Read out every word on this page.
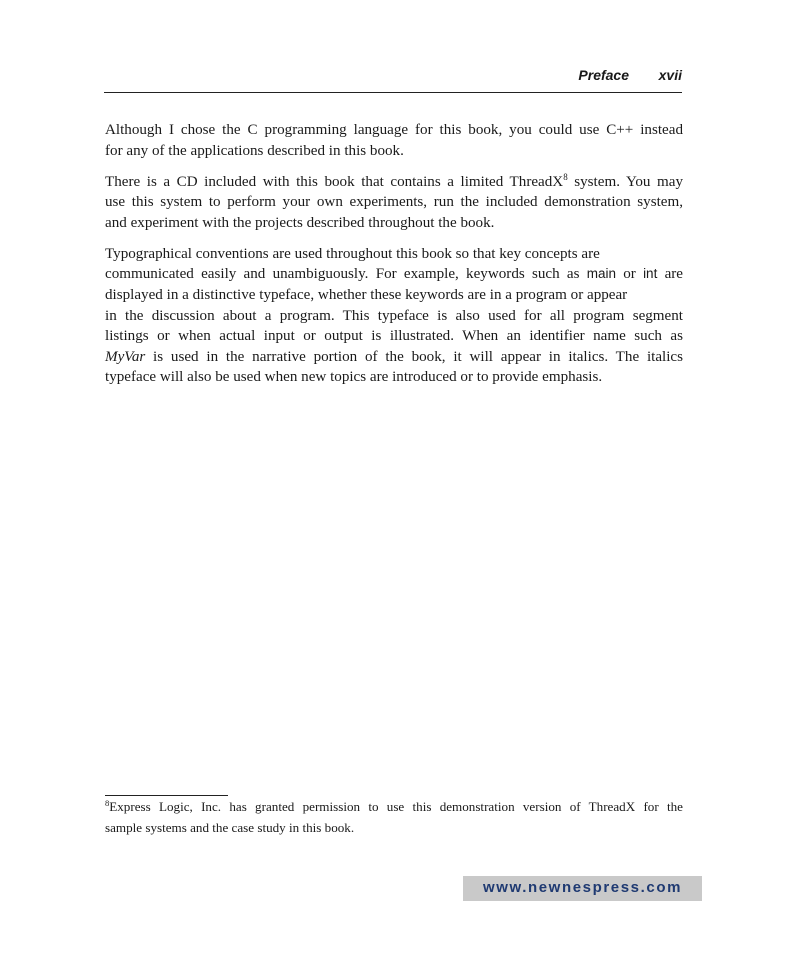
Preface xvii

Although I chose the C programming language for this book, you could use C++ instead
for any of the applications described in this book.

There is a CD included with this book that contains a limited ThreadX$^8$ system. You may
use this system to perform your own experiments, run the included demonstration system,
and experiment with the projects described throughout the book.

Typographical conventions are used throughout this book so that key concepts are
communicated easily and unambiguously. For example, keywords such as main or int are
displayed in a distinctive typeface, whether these keywords are in a program or appear
in the discussion about a program. This typeface is also used for all program segment
listings or when actual input or output is illustrated. When an identifier name such as
MyVar is used in the narrative portion of the book, it will appear in italics. The italics
typeface will also be used when new topics are introduced or to provide emphasis.

$^8$Express Logic, Inc. has granted permission to use this demonstration version of ThreadX for the
sample systems and the case study in this book.
www.newnespress.com
